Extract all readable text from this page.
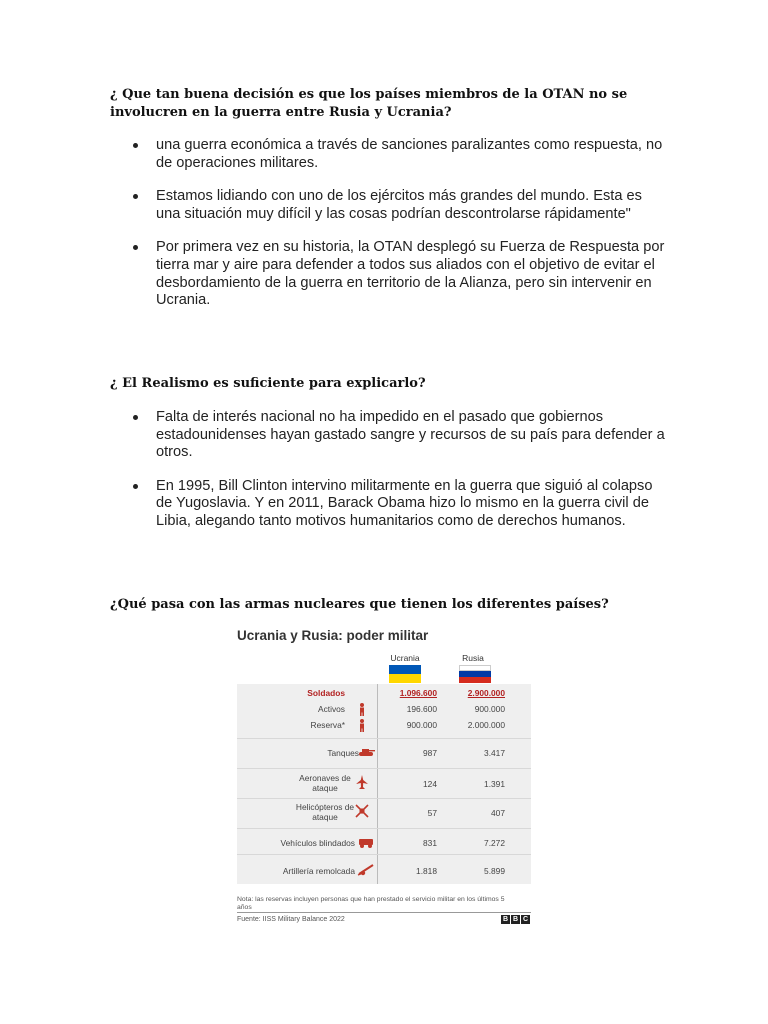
¿ Que tan buena decisión es que los países miembros de la OTAN no se involucren en la guerra entre Rusia y Ucrania?
una guerra económica a través de sanciones paralizantes como respuesta, no de operaciones militares.
Estamos lidiando con uno de los ejércitos más grandes del mundo. Esta es una situación muy difícil y las cosas podrían descontrolarse rápidamente"
Por primera vez en su historia, la OTAN desplegó su Fuerza de Respuesta por tierra mar y aire para defender a todos sus aliados con el objetivo de evitar el desbordamiento de la guerra en territorio de la Alianza, pero sin intervenir en Ucrania.
¿ El Realismo es suficiente para explicarlo?
Falta de interés nacional no ha impedido en el pasado que gobiernos estadounidenses hayan gastado sangre y recursos de su país para defender a otros.
En 1995, Bill Clinton intervino militarmente en la guerra que siguió al colapso de Yugoslavia. Y en 2011, Barack Obama hizo lo mismo en la guerra civil de Libia, alegando tanto motivos humanitarios como de derechos humanos.
¿Qué pasa con las armas nucleares que tienen los diferentes países?
Ucrania y Rusia: poder militar
Ucrania	Rusia
Soldados	1.096.600	2.900.000
Activos	196.600	900.000
Reserva*	900.000	2.000.000
Tanques	987	3.417
Aeronaves de ataque	124	1.391
Helicópteros de ataque	57	407
Vehículos blindados	831	7.272
Artillería remolcada	1.818	5.899
Nota: las reservas incluyen personas que han prestado el servicio militar en los últimos 5 años
Fuente: IISS Military Balance 2022	B B C
